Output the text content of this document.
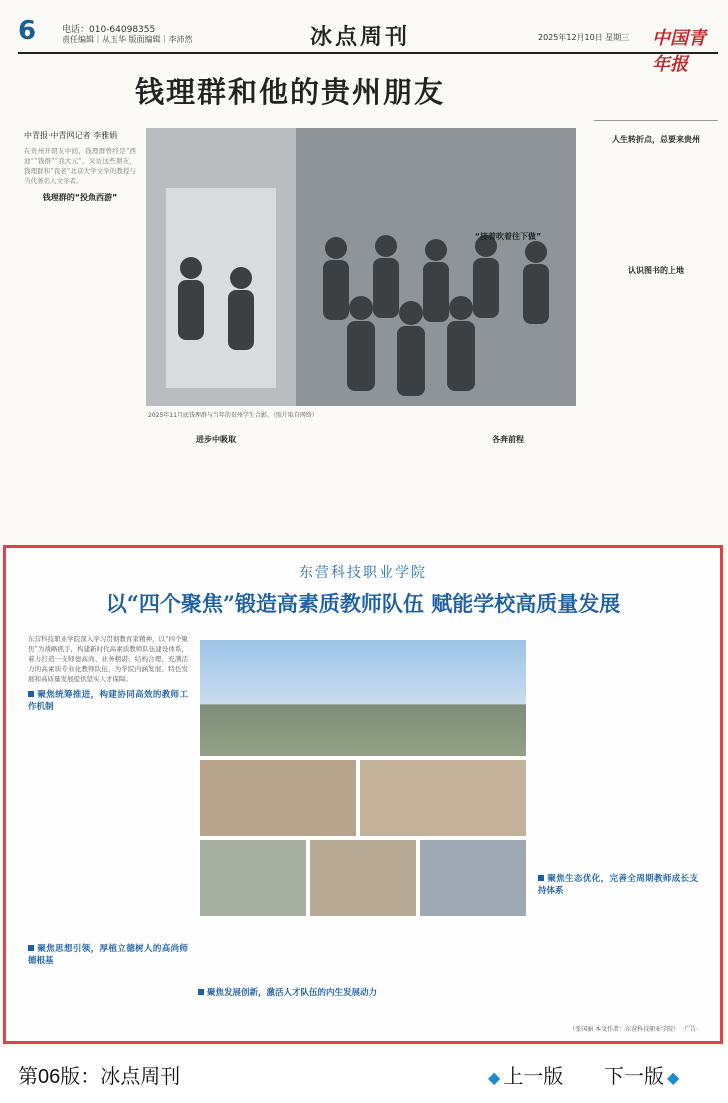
6	电话：010-64098355
责任编辑｜从玉华 版面编辑｜李沛然	冰点周刊	2025年12月10日 星期三 中国青年报
钱理群和他的贵州朋友
中青报·中青网记者 李雅娟
2025年11月底钱理群与当年的贵州学生合影。（照片取自网络）
在贵州开朗友中间，钱理群曾经是“西池”“钱群”“我大元”，采访这些朋友，钱理群和“我老”北京大学文学的教授与当代著名人文学者。
钱理群的“投魚西游”
进步中吸取	各奔前程
“接着吹着往下做”
人生转折点，总要来贵州
认识图书的上地
东营科技职业学院
以“四个聚焦”锻造高素质教师队伍 赋能学校高质量发展
东营科技职业学院深入学习贯彻教育家精神，以“四个聚焦”为战略抓手，构建新时代高素质教师队伍建设体系，着力打造一支师德高尚、业务精湛、结构合理、充满活力的高素质专业化教师队伍，为学院内涵发展、特色发展和高质量发展提供坚实人才保障。
聚焦统筹推进，构建协同高效的教师工作机制
聚焦思想引领，厚植立德树人的高尚师德根基
聚焦发展创新，激活人才队伍的内生发展动力
聚焦生态优化，完善全周期教师成长支持体系
（张国丽 本文作者：东营科技职业学院）　·广告·
第06版：冰点周刊	◆ 上一版 下一版 ◆
